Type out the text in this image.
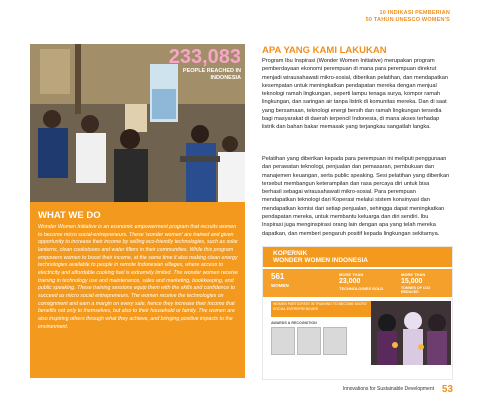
10 INDIKASI PEMBERIAN
50 TAHUN UNESCO WOMEN'S
233,083
PEOPLE REACHED IN
INDONESIA
WHAT WE DO
Wonder Women Initiative is an economic empowerment program that recruits women to become micro social-entrepreneurs. These 'wonder women' are trained and given opportunity to increase their income by selling eco-friendly technologies, such as solar lanterns, clean cookstoves and water filters in their communities. While this program empowers women to boost their income, at the same time it also making clean energy technologies available to people in remote Indonesian villages, where access to electricity and affordable cooking fuel is extremely limited. The wonder women receive training in technology use and maintenance, sales and marketing, bookkeeping, and public speaking. These training sessions equip them with the skills and confidence to succeed as micro social entrepreneurs. The women receive the technologies on consignment and earn a margin on every sale, hence they increase their income that benefits not only to themselves, but also to their household or family. The women are also inspiring others through what they achieve, and bringing positive impacts to the environment.
APA YANG KAMI LAKUKAN
Program Ibu Inspirasi (Wonder Women Initiative) merupakan program pemberdayaan ekonomi perempuan di mana para perempuan direkrut menjadi wirausahawati mikro-sosial, diberikan pelatihan, dan mendapatkan kesempatan untuk meningkatkan pendapatan mereka dengan menjual teknologi ramah lingkungan, seperti lampu tenaga surya, kompor ramah lingkungan, dan saringan air tanpa listrik di komunitas mereka. Dan di saat yang bersamaan, teknologi energi bersih dan ramah lingkungan tersedia bagi masyarakat di daerah terpencil Indonesia, di mana akses terhadap listrik dan bahan bakar memasak yang terjangkau sangatlah langka.
Pelatihan yang diberikan kepada para perempuan ini meliputi penggunaan dan perawatan teknologi, penjualan dan pemasaran, pembukuan dan manajemen keuangan, serta public speaking. Sesi pelatihan yang diberikan tersebut membangun keterampilan dan rasa percaya diri untuk bisa berhasil sebagai wirausahawati mikro-sosial. Para perempuan mendapatkan teknologi dari Koperasi melalui sistem konsinyasi dan mendapatkan komisi dari setiap penjualan, sehingga dapat meningkatkan pendapatan mereka, untuk membantu keluarga dan diri sendiri. Ibu Inspirasi juga menginspirasi orang lain dengan apa yang telah mereka dapatkan, dan memberi pengaruh positif kepada lingkungan sekitarnya.
KOPERNIK
WONDER WOMEN INDONESIA
561
WOMEN
MORE THAN
23,000
TECHNOLOGIES SOLD
MORE THAN
15,000
TONNES OF CO2 REDUCED
WOMEN PARTICIPATE IN TRAINING TO BECOME MICRO SOCIAL ENTREPRENEURS
AWARDS & RECOGNITION
Innovations for Sustainable Development 53
